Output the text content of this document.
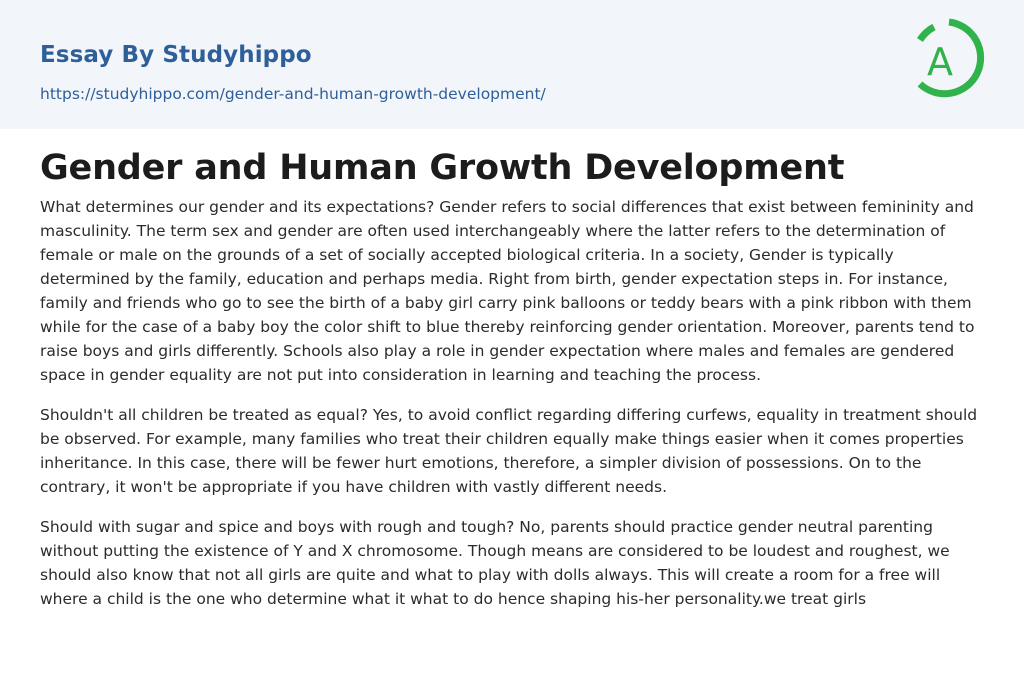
Essay By Studyhippo
https://studyhippo.com/gender-and-human-growth-development/
A
Gender and Human Growth Development

What determines our gender and its expectations? Gender refers to social differences that exist between femininity and masculinity. The term sex and gender are often used interchangeably where the latter refers to the determination of female or male on the grounds of a set of socially accepted biological criteria. In a society, Gender is typically determined by the family, education and perhaps media. Right from birth, gender expectation steps in. For instance, family and friends who go to see the birth of a baby girl carry pink balloons or teddy bears with a pink ribbon with them while for the case of a baby boy the color shift to blue thereby reinforcing gender orientation. Moreover, parents tend to raise boys and girls differently. Schools also play a role in gender expectation where males and females are gendered space in gender equality are not put into consideration in learning and teaching the process.

Shouldn't all children be treated as equal? Yes, to avoid conflict regarding differing curfews, equality in treatment should be observed. For example, many families who treat their children equally make things easier when it comes properties inheritance. In this case, there will be fewer hurt emotions, therefore, a simpler division of possessions. On to the contrary, it won't be appropriate if you have children with vastly different needs.

Should with sugar and spice and boys with rough and tough? No, parents should practice gender neutral parenting without putting the existence of Y and X chromosome. Though means are considered to be loudest and roughest, we should also know that not all girls are quite and what to play with dolls always. This will create a room for a free will where a child is the one who determine what it what to do hence shaping his-her personality.we treat girls
